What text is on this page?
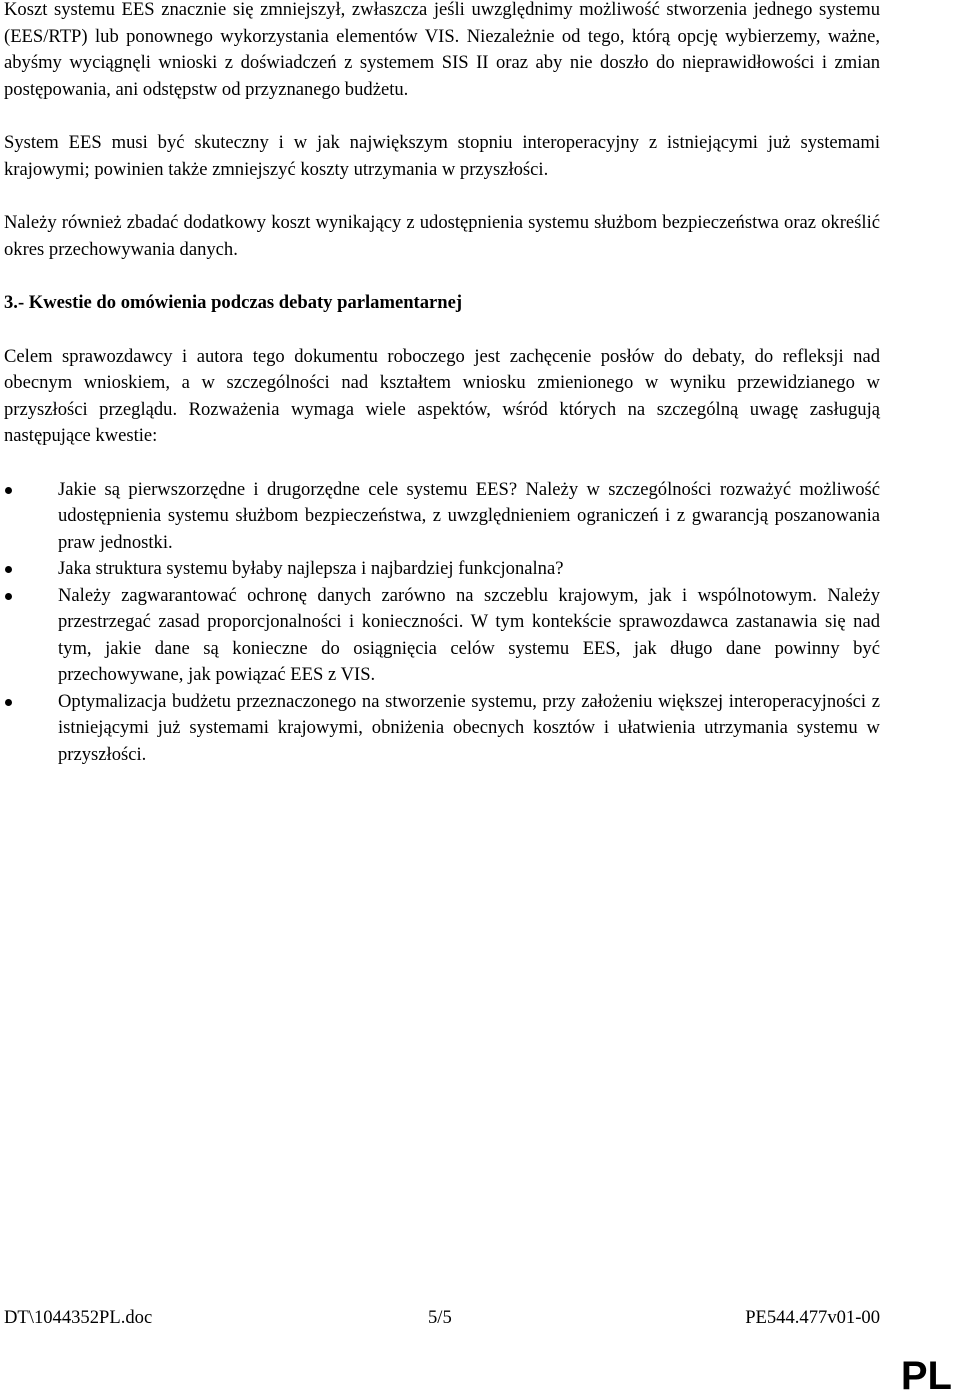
Koszt systemu EES znacznie się zmniejszył, zwłaszcza jeśli uwzględnimy możliwość stworzenia jednego systemu (EES/RTP) lub ponownego wykorzystania elementów VIS. Niezależnie od tego, którą opcję wybierzemy, ważne, abyśmy wyciągnęli wnioski z doświadczeń z systemem SIS II oraz aby nie doszło do nieprawidłowości i zmian postępowania, ani odstępstw od przyznanego budżetu.

System EES musi być skuteczny i w jak największym stopniu interoperacyjny z istniejącymi już systemami krajowymi; powinien także zmniejszyć koszty utrzymania w przyszłości.

Należy również zbadać dodatkowy koszt wynikający z udostępnienia systemu służbom bezpieczeństwa oraz określić okres przechowywania danych.

3.- Kwestie do omówienia podczas debaty parlamentarnej

Celem sprawozdawcy i autora tego dokumentu roboczego jest zachęcenie posłów do debaty, do refleksji nad obecnym wnioskiem, a w szczególności nad kształtem wniosku zmienionego w wyniku przewidzianego w przyszłości przeglądu. Rozważenia wymaga wiele aspektów, wśród których na szczególną uwagę zasługują następujące kwestie:

Jakie są pierwszorzędne i drugorzędne cele systemu EES? Należy w szczególności rozważyć możliwość udostępnienia systemu służbom bezpieczeństwa, z uwzględnieniem ograniczeń i z gwarancją poszanowania praw jednostki.
Jaka struktura systemu byłaby najlepsza i najbardziej funkcjonalna?
Należy zagwarantować ochronę danych zarówno na szczeblu krajowym, jak i wspólnotowym. Należy przestrzegać zasad proporcjonalności i konieczności. W tym kontekście sprawozdawca zastanawia się nad tym, jakie dane są konieczne do osiągnięcia celów systemu EES, jak długo dane powinny być przechowywane, jak powiązać EES z VIS.
Optymalizacja budżetu przeznaczonego na stworzenie systemu, przy założeniu większej interoperacyjności z istniejącymi już systemami krajowymi, obniżenia obecnych kosztów i ułatwienia utrzymania systemu w przyszłości.
DT\1044352PL.doc	5/5	PE544.477v01-00
PL
